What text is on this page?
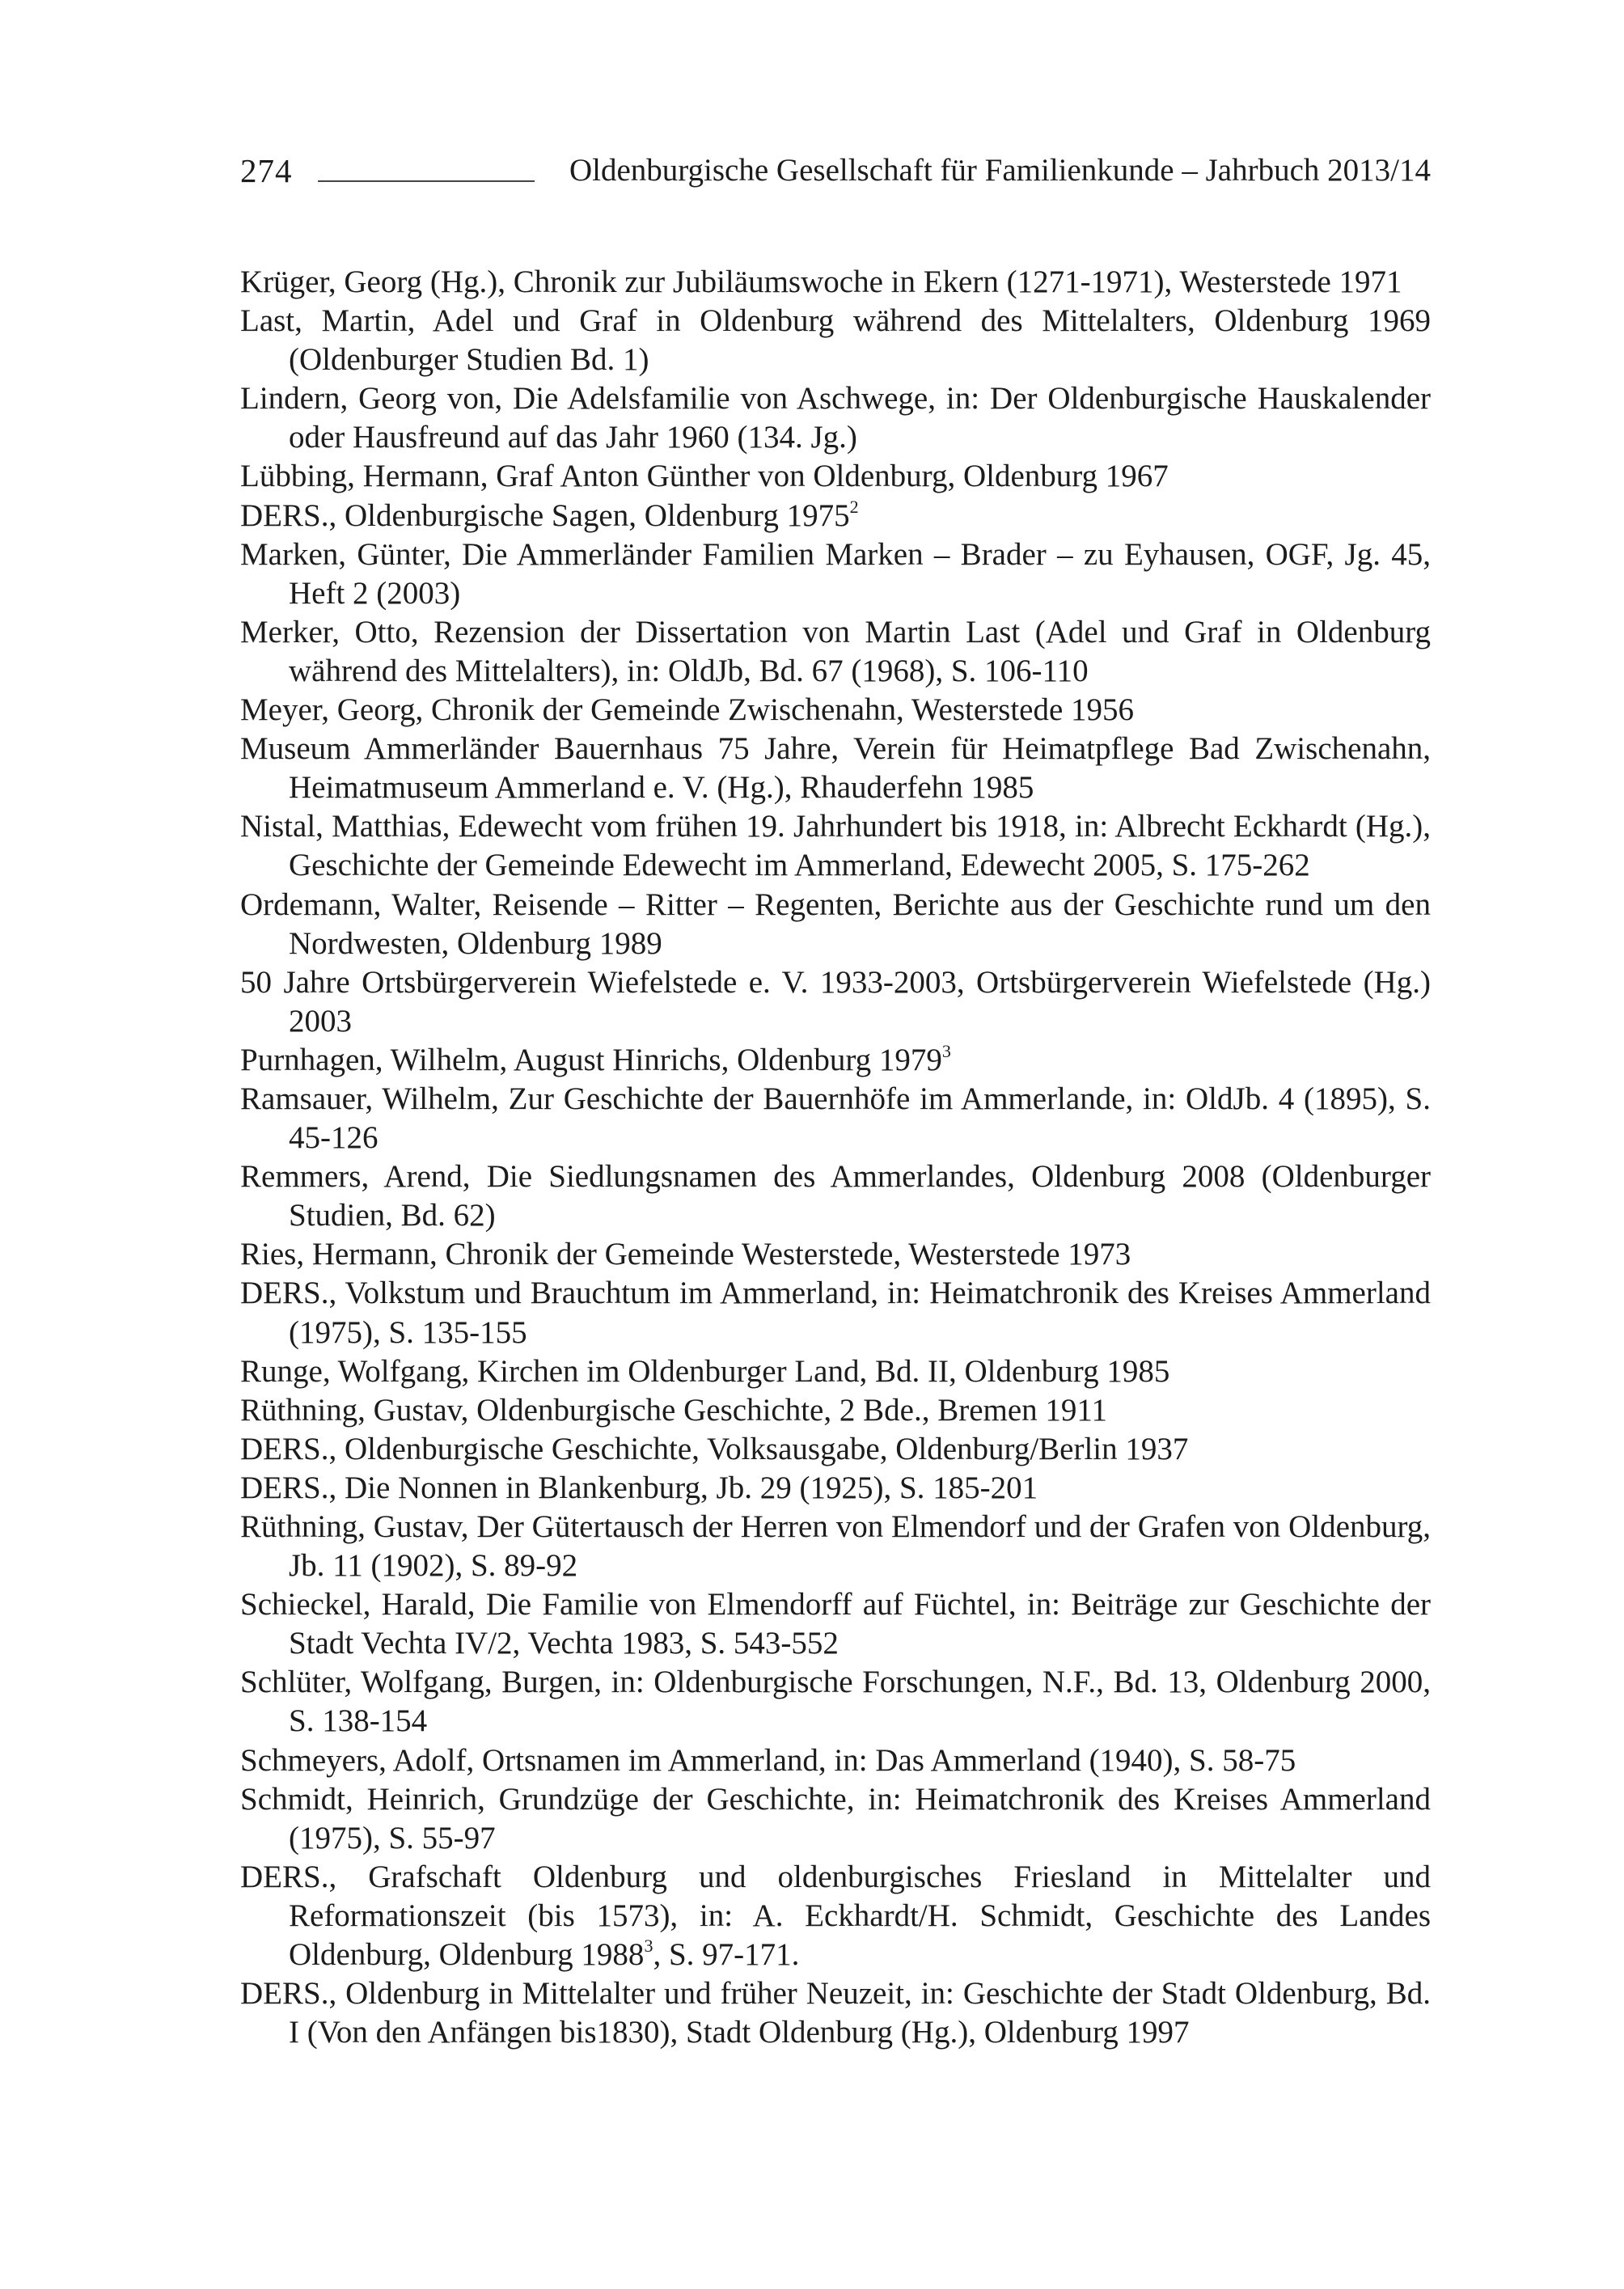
274	Oldenburgische Gesellschaft für Familienkunde – Jahrbuch 2013/14
Krüger, Georg (Hg.), Chronik zur Jubiläumswoche in Ekern (1271-1971), Westerstede 1971
Last, Martin, Adel und Graf in Oldenburg während des Mittelalters, Oldenburg 1969 (Oldenburger Studien Bd. 1)
Lindern, Georg von, Die Adelsfamilie von Aschwege, in: Der Oldenburgische Hauskalender oder Hausfreund auf das Jahr 1960 (134. Jg.)
Lübbing, Hermann, Graf Anton Günther von Oldenburg, Oldenburg 1967
DERS., Oldenburgische Sagen, Oldenburg 1975$^2$
Marken, Günter, Die Ammerländer Familien Marken – Brader – zu Eyhausen, OGF, Jg. 45, Heft 2 (2003)
Merker, Otto, Rezension der Dissertation von Martin Last (Adel und Graf in Oldenburg während des Mittelalters), in: OldJb, Bd. 67 (1968), S. 106-110
Meyer, Georg, Chronik der Gemeinde Zwischenahn, Westerstede 1956
Museum Ammerländer Bauernhaus 75 Jahre, Verein für Heimatpflege Bad Zwischenahn, Heimatmuseum Ammerland e. V. (Hg.), Rhauderfehn 1985
Nistal, Matthias, Edewecht vom frühen 19. Jahrhundert bis 1918, in: Albrecht Eckhardt (Hg.), Geschichte der Gemeinde Edewecht im Ammerland, Edewecht 2005, S. 175-262
Ordemann, Walter, Reisende – Ritter – Regenten, Berichte aus der Geschichte rund um den Nordwesten, Oldenburg 1989
50 Jahre Ortsbürgerverein Wiefelstede e. V. 1933-2003, Ortsbürgerverein Wiefelstede (Hg.) 2003
Purnhagen, Wilhelm, August Hinrichs, Oldenburg 1979$^3$
Ramsauer, Wilhelm, Zur Geschichte der Bauernhöfe im Ammerlande, in: OldJb. 4 (1895), S. 45-126
Remmers, Arend, Die Siedlungsnamen des Ammerlandes, Oldenburg 2008 (Oldenburger Studien, Bd. 62)
Ries, Hermann, Chronik der Gemeinde Westerstede, Westerstede 1973
DERS., Volkstum und Brauchtum im Ammerland, in: Heimatchronik des Kreises Ammerland (1975), S. 135-155
Runge, Wolfgang, Kirchen im Oldenburger Land, Bd. II, Oldenburg 1985
Rüthning, Gustav, Oldenburgische Geschichte, 2 Bde., Bremen 1911
DERS., Oldenburgische Geschichte, Volksausgabe, Oldenburg/Berlin 1937
DERS., Die Nonnen in Blankenburg, Jb. 29 (1925), S. 185-201
Rüthning, Gustav, Der Gütertausch der Herren von Elmendorf und der Grafen von Oldenburg, Jb. 11 (1902), S. 89-92
Schieckel, Harald, Die Familie von Elmendorff auf Füchtel, in: Beiträge zur Geschichte der Stadt Vechta IV/2, Vechta 1983, S. 543-552
Schlüter, Wolfgang, Burgen, in: Oldenburgische Forschungen, N.F., Bd. 13, Oldenburg 2000, S. 138-154
Schmeyers, Adolf, Ortsnamen im Ammerland, in: Das Ammerland (1940), S. 58-75
Schmidt, Heinrich, Grundzüge der Geschichte, in: Heimatchronik des Kreises Ammerland (1975), S. 55-97
DERS., Grafschaft Oldenburg und oldenburgisches Friesland in Mittelalter und Reformationszeit (bis 1573), in: A. Eckhardt/H. Schmidt, Geschichte des Landes Oldenburg, Oldenburg 1988$^3$, S. 97-171.
DERS., Oldenburg in Mittelalter und früher Neuzeit, in: Geschichte der Stadt Oldenburg, Bd. I (Von den Anfängen bis1830), Stadt Oldenburg (Hg.), Oldenburg 1997
